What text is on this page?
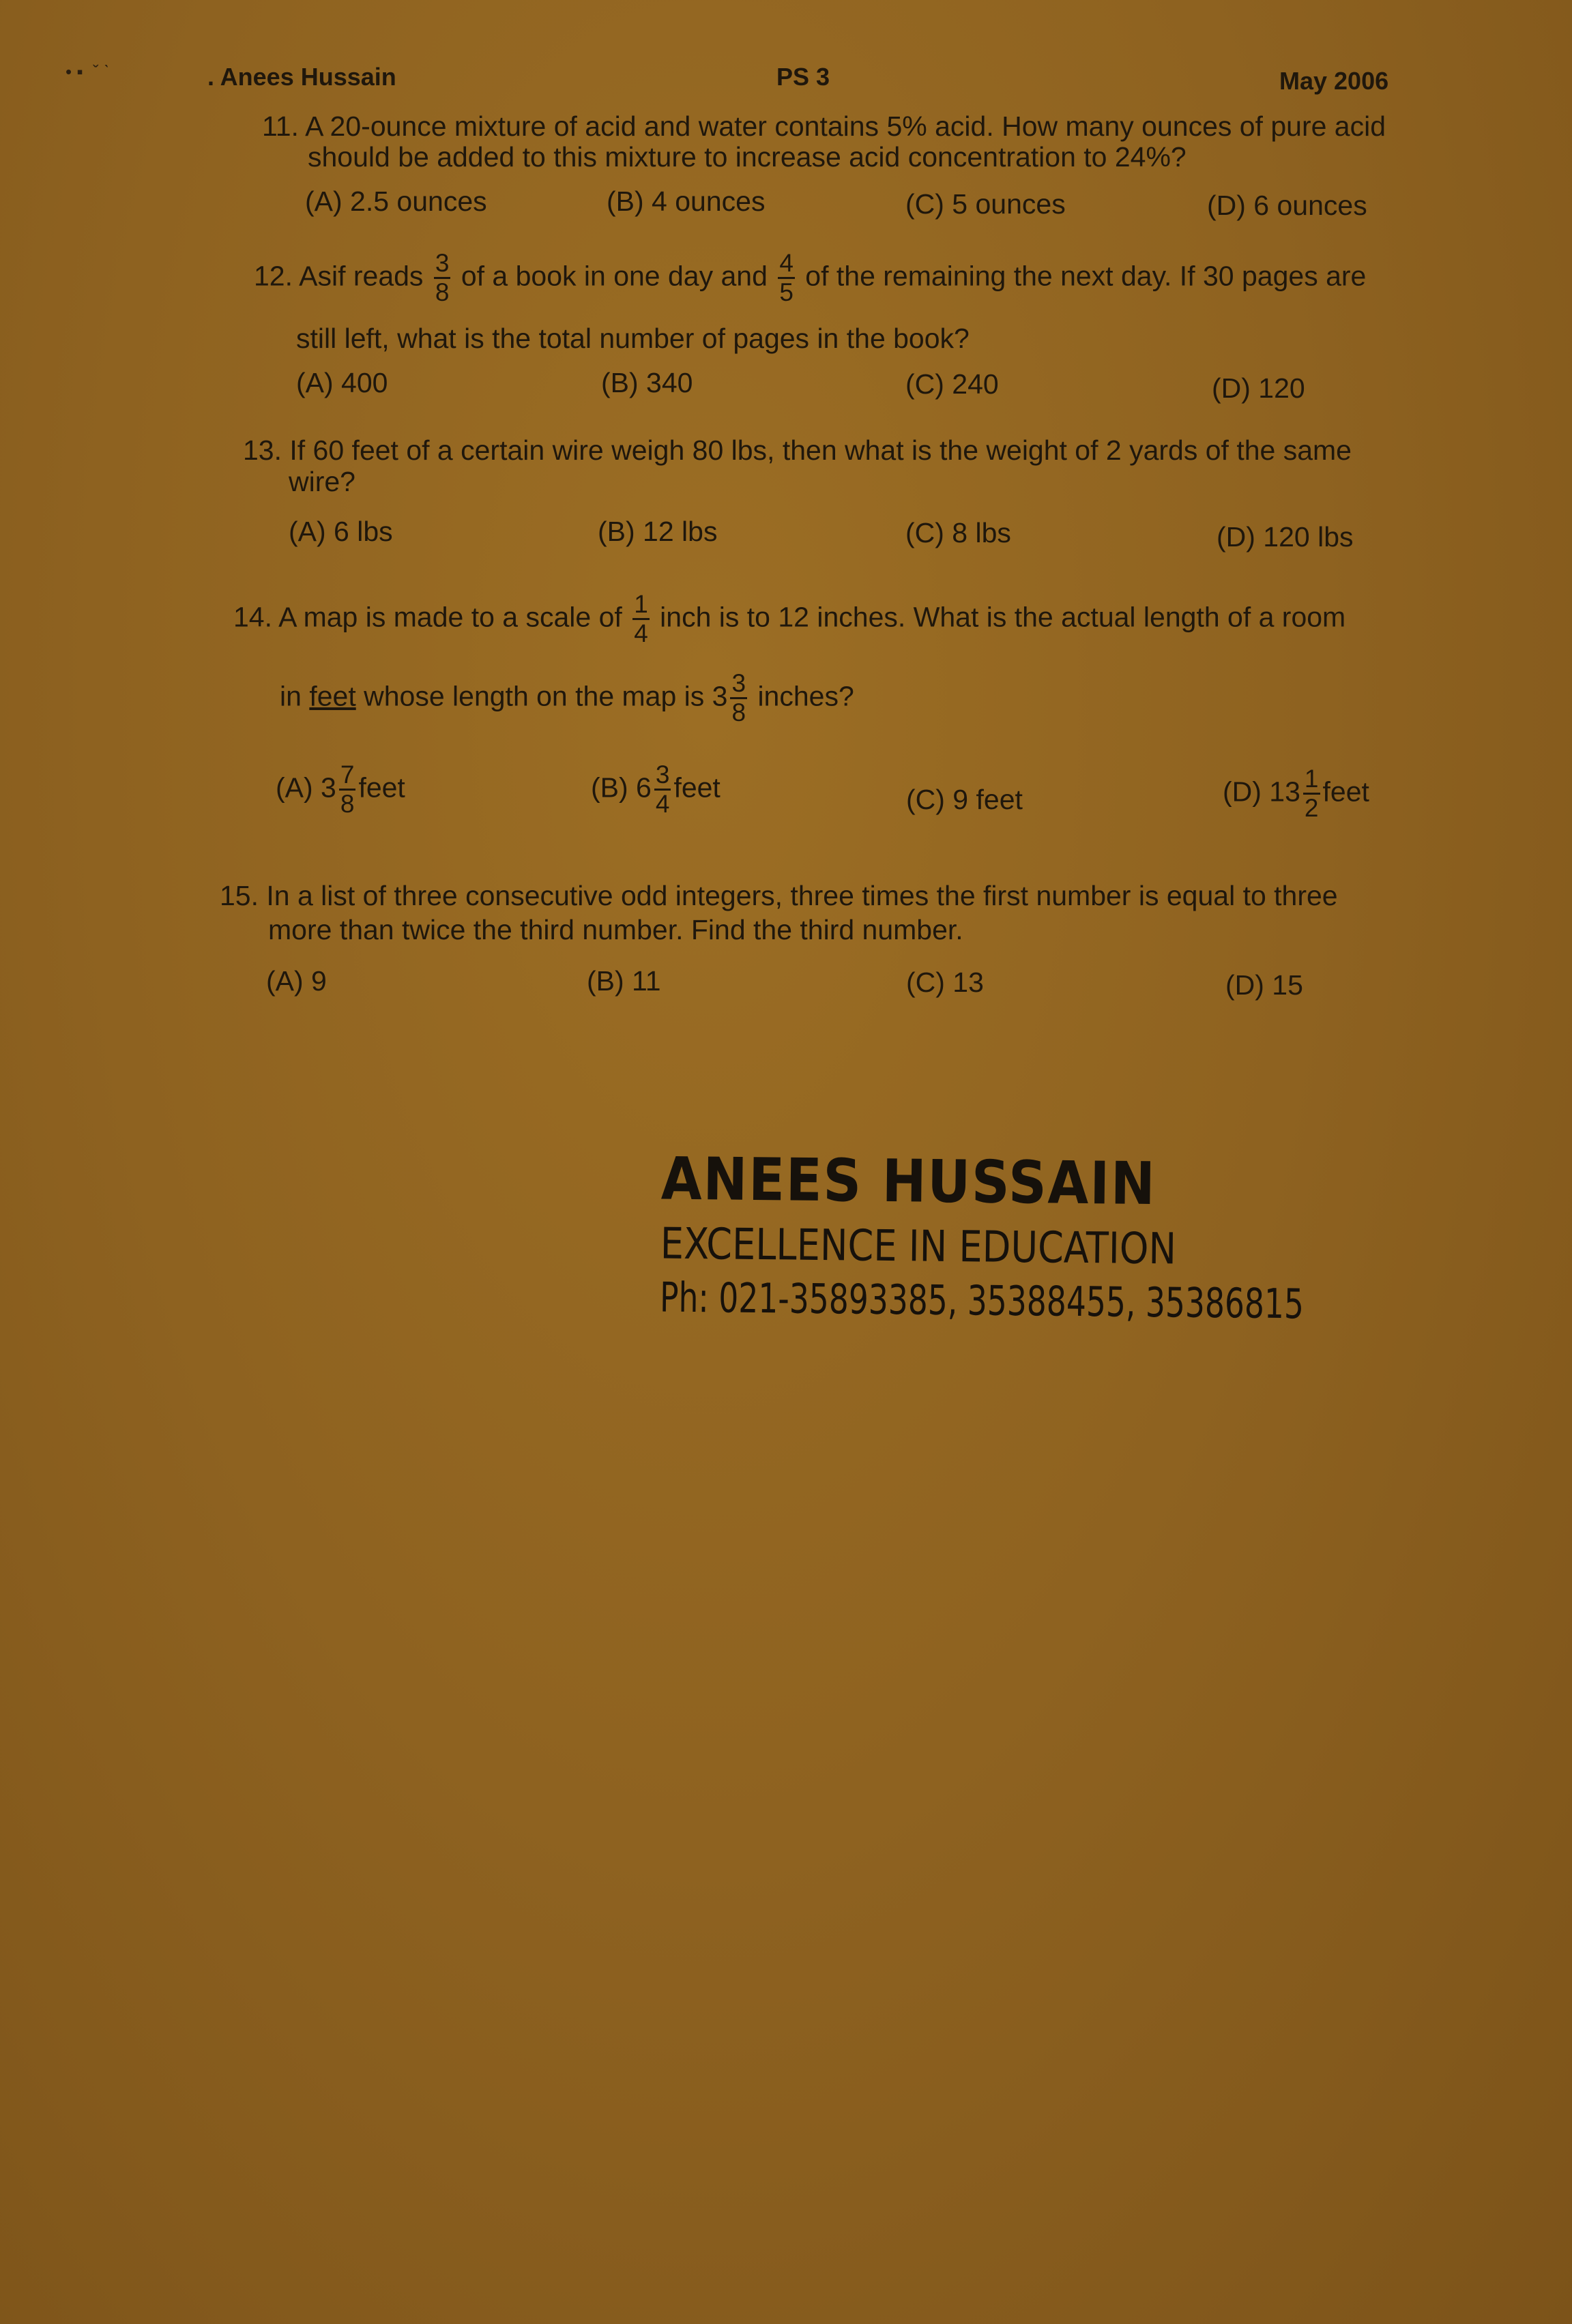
• ▪  ˇ ˋ	. Anees Hussain	PS 3	May 2006
11. A 20-ounce mixture of acid and water contains 5% acid. How many ounces of pure acid
should be added to this mixture to increase acid concentration to 24%?
(A) 2.5 ounces	(B) 4 ounces	(C) 5 ounces	(D) 6 ounces
12. Asif reads $\frac{3}{8}$ of a book in one day and $\frac{4}{5}$ of the remaining the next day. If 30 pages are
still left, what is the total number of pages in the book?
(A) 400	(B) 340	(C) 240	(D) 120
13. If 60 feet of a certain wire weigh 80 lbs, then what is the weight of 2 yards of the same
wire?
(A) 6 lbs	(B) 12 lbs	(C) 8 lbs	(D) 120 lbs
14. A map is made to a scale of $\frac{1}{4}$ inch is to 12 inches. What is the actual length of a room
in feet whose length on the map is $3 \frac{3}{8}$ inches?
(A) $3 \frac{7}{8}$ feet	(B) $6 \frac{3}{4}$ feet	(C) 9 feet	(D) $13 \frac{1}{2}$ feet
15. In a list of three consecutive odd integers, three times the first number is equal to three
more than twice the third number. Find the third number.
(A) 9	(B) 11	(C) 13	(D) 15
ANEES HUSSAIN
EXCELLENCE IN EDUCATION
Ph: 021-35893385, 35388455, 35386815
